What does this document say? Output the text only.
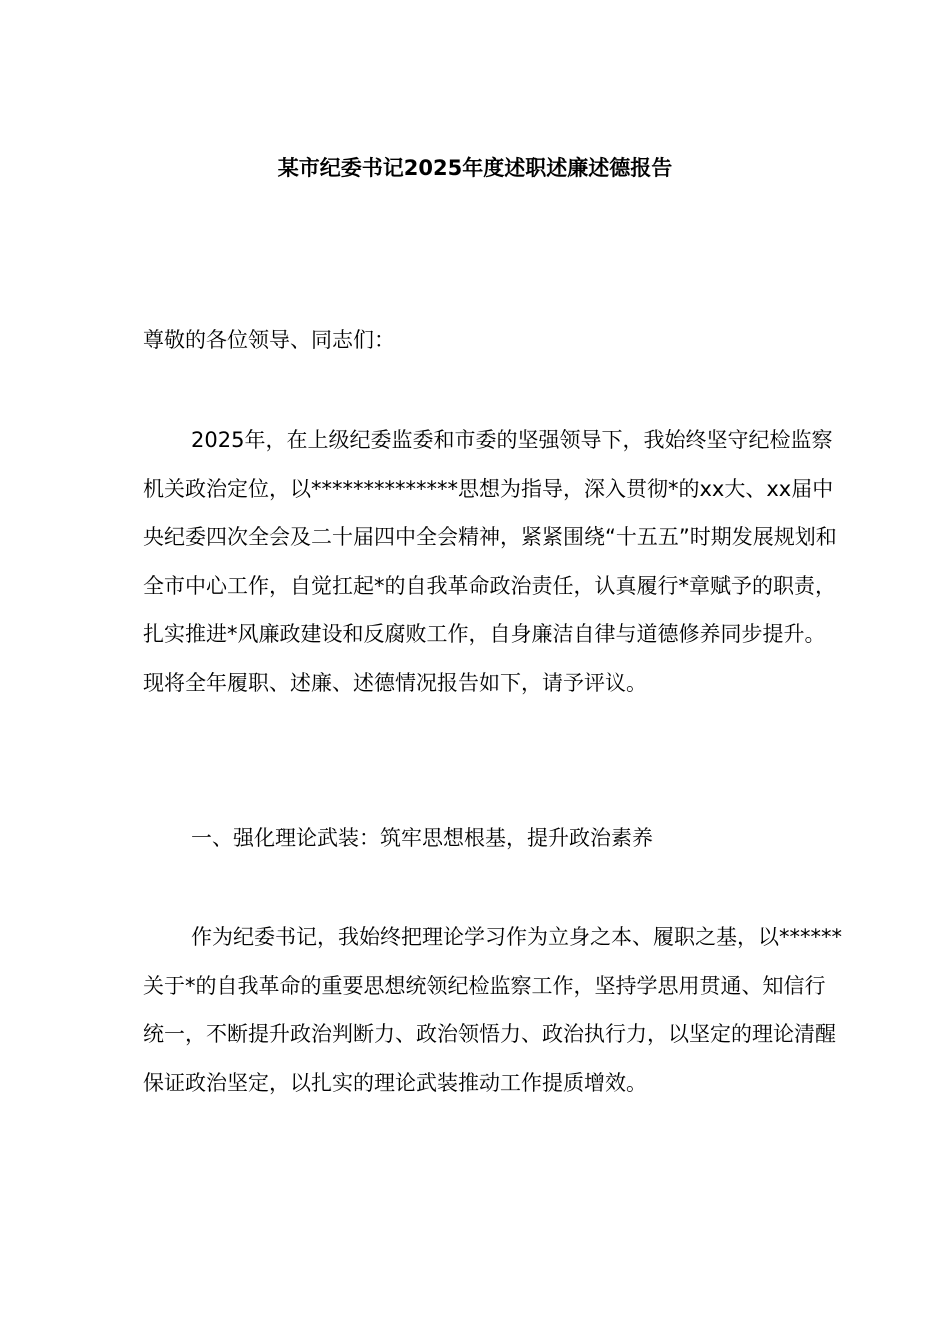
某市纪委书记2025年度述职述廉述德报告
尊敬的各位领导、同志们：
2025年，在上级纪委监委和市委的坚强领导下，我始终坚守纪检监察机关政治定位，以**************思想为指导，深入贯彻*的xx大、xx届中央纪委四次全会及二十届四中全会精神，紧紧围绕“十五五”时期发展规划和全市中心工作，自觉扛起*的自我革命政治责任，认真履行*章赋予的职责，扎实推进*风廉政建设和反腐败工作，自身廉洁自律与道德修养同步提升。现将全年履职、述廉、述德情况报告如下，请予评议。
一、强化理论武装：筑牢思想根基，提升政治素养
作为纪委书记，我始终把理论学习作为立身之本、履职之基，以******关于*的自我革命的重要思想统领纪检监察工作，坚持学思用贯通、知信行统一，不断提升政治判断力、政治领悟力、政治执行力，以坚定的理论清醒保证政治坚定，以扎实的理论武装推动工作提质增效。
